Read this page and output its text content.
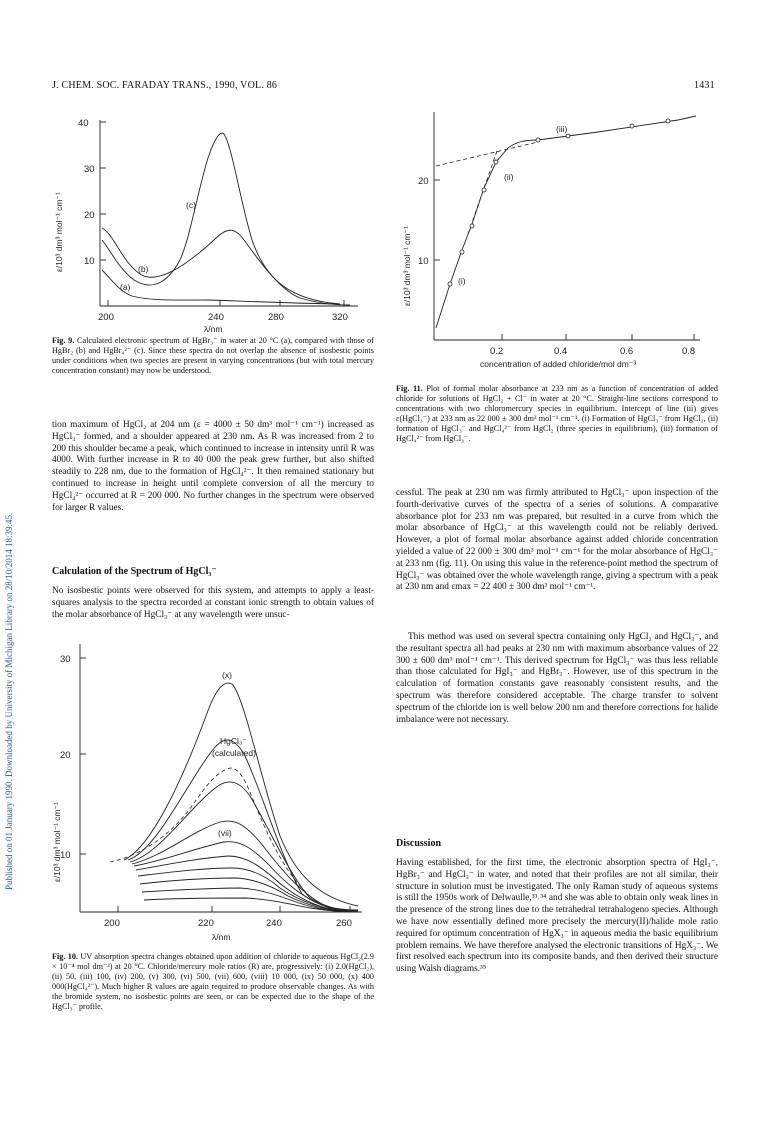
J. CHEM. SOC. FARADAY TRANS., 1990, VOL. 86	1431
Published on 01 January 1990. Downloaded by University of Michigan Library on 28/10/2014 18:39:45.
40
30
20
10
200	240	280	320
λ/nm
ε/10³ dm³ mol⁻¹ cm⁻¹
(a)
(b)
(c)

Fig. 9. Calculated electronic spectrum of HgBr₃⁻ in water at 20 °C (a), compared with those of HgBr₂ (b) and HgBr₄²⁻ (c). Since these spectra do not overlap the absence of isosbestic points under conditions when two species are present in varying concentrations (but with total mercury concentration constant) may now be understood.

tion maximum of HgCl₂ at 204 nm (ε = 4000 ± 50 dm³ mol⁻¹ cm⁻¹) increased as HgCl₃⁻ formed, and a shoulder appeared at 230 nm. As R was increased from 2 to 200 this shoulder became a peak, which continued to increase in intensity until R was 4000. With further increase in R to 40 000 the peak grew further, but also shifted steadily to 228 nm, due to the formation of HgCl₄²⁻. It then remained stationary but continued to increase in height until complete conversion of all the mercury to HgCl₄²⁻ occurred at R = 200 000. No further changes in the spectrum were observed for larger R values.

Calculation of the Spectrum of HgCl₃⁻

No isosbestic points were observed for this system, and attempts to apply a least-squares analysis to the spectra recorded at constant ionic strength to obtain values of the molar absorbance of HgCl₃⁻ at any wavelength were unsuc-

30
20
10
200	220	240	260
λ/nm
ε/10³ dm³ mol⁻¹ cm⁻¹
(x)
(vii)
HgCl₃⁻
(calculated)

Fig. 10. UV absorption spectra changes obtained upon addition of chloride to aqueous HgCl₂(2.9 × 10⁻⁴ mol dm⁻³) at 20 °C. Chloride/mercury mole ratios (R) are, progressively: (i) 2.0(HgCl₂), (ii) 50, (iii) 100, (iv) 200, (v) 300, (vi) 500, (vii) 600, (viii) 10 000, (ix) 50 000, (x) 400 000(HgCl₄²⁻). Much higher R values are again required to produce observable changes. As with the bromide system, no isosbestic points are seen, or can be expected due to the shape of the HgCl₃⁻ profile.

20
10
0.2	0.4	0.6	0.8
concentration of added chloride/mol dm⁻³
ε/10³ dm³ mol⁻¹ cm⁻¹	(i)
(ii)
(iii)

Fig. 11. Plot of formal molar absorbance at 233 nm as a function of concentration of added chloride for solutions of HgCl₂ + Cl⁻ in water at 20 °C. Straight-line sections correspond to concentrations with two chloromercury species in equilibrium. Intercept of line (iii) gives ε(HgCl₃⁻) at 233 nm as 22 000 ± 300 dm³ mol⁻¹ cm⁻¹. (i) Formation of HgCl₃⁻ from HgCl₂, (ii) formation of HgCl₃⁻ and HgCl₄²⁻ from HgCl₂ (three species in equilibrium), (iii) formation of HgCl₄²⁻ from HgCl₃⁻.

cessful. The peak at 230 nm was firmly attributed to HgCl₃⁻ upon inspection of the fourth-derivative curves of the spectra of a series of solutions. A comparative absorbance plot for 233 nm was prepared, but resulted in a curve from which the molar absorbance of HgCl₃⁻ at this wavelength could not be reliably derived. However, a plot of formal molar absorbance against added chloride concentration yielded a value of 22 000 ± 300 dm³ mol⁻¹ cm⁻¹ for the molar absorbance of HgCl₃⁻ at 233 nm (fig. 11). On using this value in the reference-point method the spectrum of HgCl₃⁻ was obtained over the whole wavelength range, giving a spectrum with a peak at 230 nm and εmax = 22 400 ± 300 dm³ mol⁻¹ cm⁻¹.

This method was used on several spectra containing only HgCl₂ and HgCl₃⁻, and the resultant spectra all had peaks at 230 nm with maximum absorbance values of 22 300 ± 600 dm³ mol⁻¹ cm⁻¹. This derived spectrum for HgCl₃⁻ was thus less reliable than those calculated for HgI₃⁻ and HgBr₃⁻. However, use of this spectrum in the calculation of formation constants gave reasonably consistent results, and the spectrum was therefore considered acceptable. The charge transfer to solvent spectrum of the chloride ion is well below 200 nm and therefore corrections for halide imbalance were not necessary.

Discussion

Having established, for the first time, the electronic absorption spectra of HgI₃⁻, HgBr₃⁻ and HgCl₃⁻ in water, and noted that their profiles are not all similar, their structure in solution must be investigated. The only Raman study of aqueous systems is still the 1950s work of Delwaulle,³³˒³⁴ and she was able to obtain only weak lines in the presence of the strong lines due to the tetrahedral tetrahalogeno species. Although we have now essentially defined more precisely the mercury(II)/halide mole ratio required for optimum concentration of HgX₃⁻ in aqueous media the basic equilibrium problem remains. We have therefore analysed the electronic transitions of HgX₃⁻. We first resolved each spectrum into its composite bands, and then derived their structure using Walsh diagrams.³⁵
